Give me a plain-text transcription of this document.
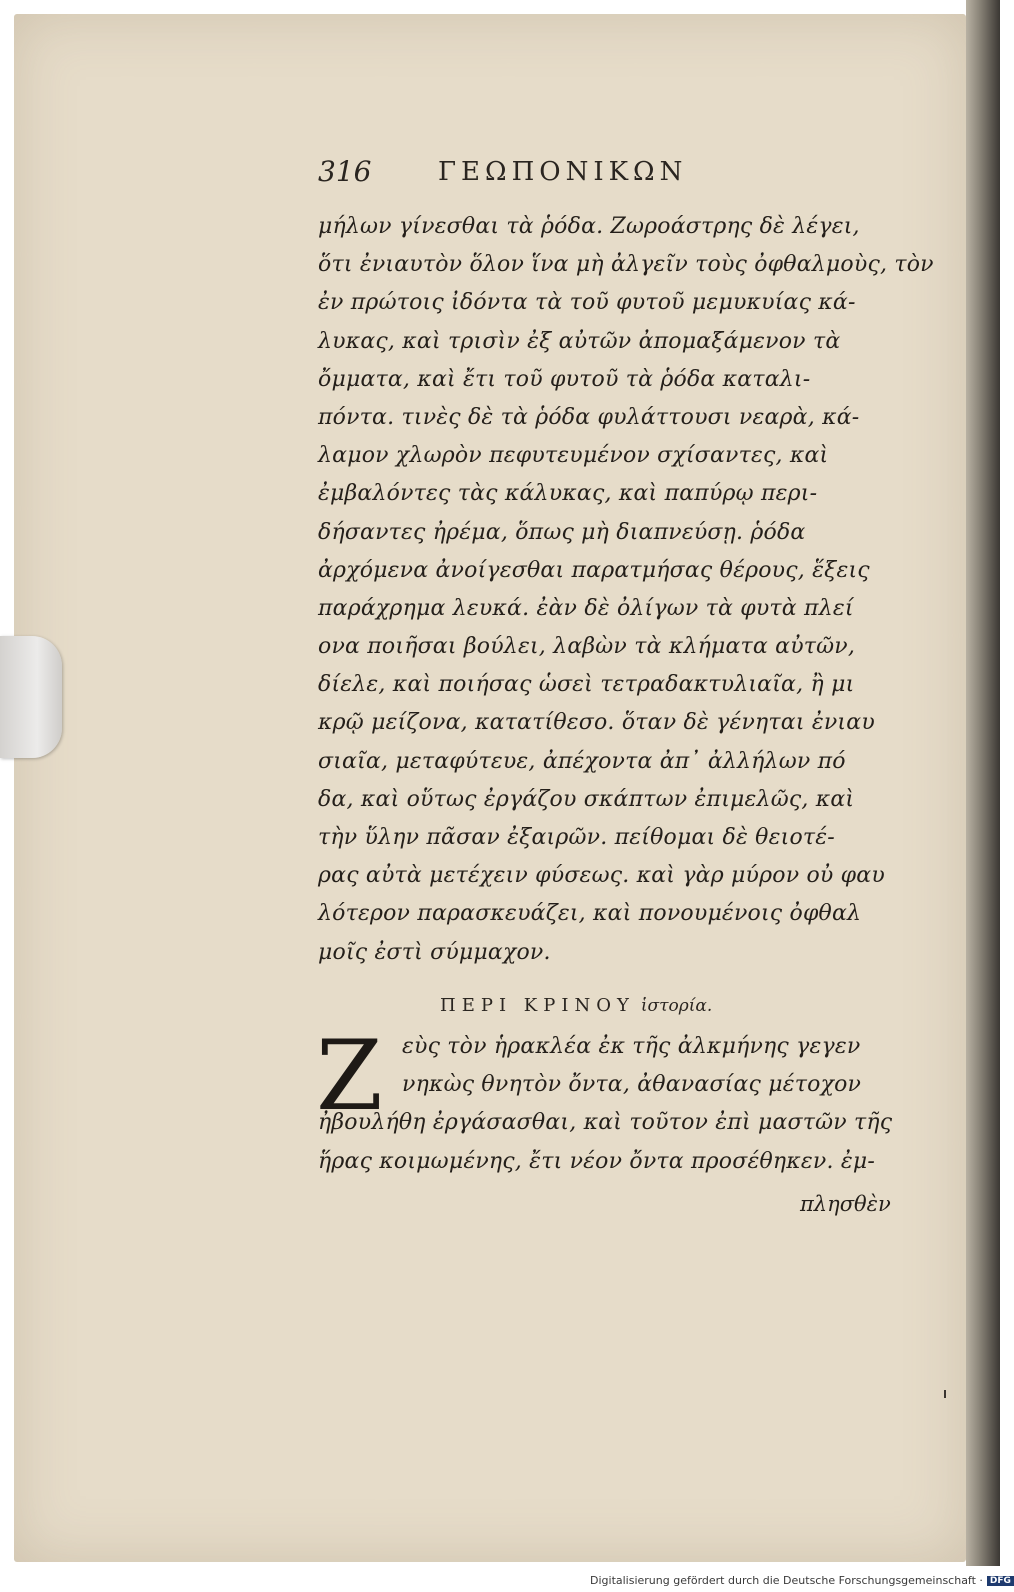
316	ΓΕΩΠΟΝΙΚΩΝ
μήλων γίνεσθαι τὰ ῥόδα. Ζωροάστρης δὲ λέγει,
ὅτι ἐνιαυτὸν ὅλον ἵνα μὴ ἀλγεῖν τοὺς ὀφθαλμοὺς, τὸν
ἐν πρώτοις ἰδόντα τὰ τοῦ φυτοῦ μεμυκυίας κά-
λυκας, καὶ τρισὶν ἐξ αὐτῶν ἀπομαξάμενον τὰ
ὄμματα, καὶ ἔτι τοῦ φυτοῦ τὰ ῥόδα καταλι-
πόντα. τινὲς δὲ τὰ ῥόδα φυλάττουσι νεαρὰ, κά-
λαμον χλωρὸν πεφυτευμένον σχίσαντες, καὶ
ἐμβαλόντες τὰς κάλυκας, καὶ παπύρῳ περι-
δήσαντες ἠρέμα, ὅπως μὴ διαπνεύσῃ. ῥόδα
ἀρχόμενα ἀνοίγεσθαι παρατμήσας θέρους, ἕξεις
παράχρημα λευκά. ἐὰν δὲ ὀλίγων τὰ φυτὰ πλεί
ονα ποιῆσαι βούλει, λαβὼν τὰ κλήματα αὐτῶν,
δίελε, καὶ ποιήσας ὡσεὶ τετραδακτυλιαῖα, ἢ μι
κρῷ μείζονα, κατατίθεσο. ὅταν δὲ γένηται ἐνιαυ
σιαῖα, μεταφύτευε, ἀπέχοντα ἀπ᾽ ἀλλήλων πό
δα, καὶ οὕτως ἐργάζου σκάπτων ἐπιμελῶς, καὶ
τὴν ὕλην πᾶσαν ἐξαιρῶν. πείθομαι δὲ θειοτέ-
ρας αὐτὰ μετέχειν φύσεως. καὶ γὰρ μύρον οὐ φαυ
λότερον παρασκευάζει, καὶ πονουμένοις ὀφθαλ
μοῖς ἐστὶ σύμμαχον.
ΠΕΡΙ ΚΡΙΝΟΥ ἱστορία.
Z εὺς τὸν ἡρακλέα ἐκ τῆς ἀλκμήνης γεγεν
νηκὼς θνητὸν ὄντα, ἀθανασίας μέτοχον
ἠβουλήθη ἐργάσασθαι, καὶ τοῦτον ἐπὶ μαστῶν τῆς
ἥρας κοιμωμένης, ἔτι νέον ὄντα προσέθηκεν. ἐμ-
πλησθὲν
Digitalisierung gefördert durch die Deutsche Forschungsgemeinschaft · DFG
